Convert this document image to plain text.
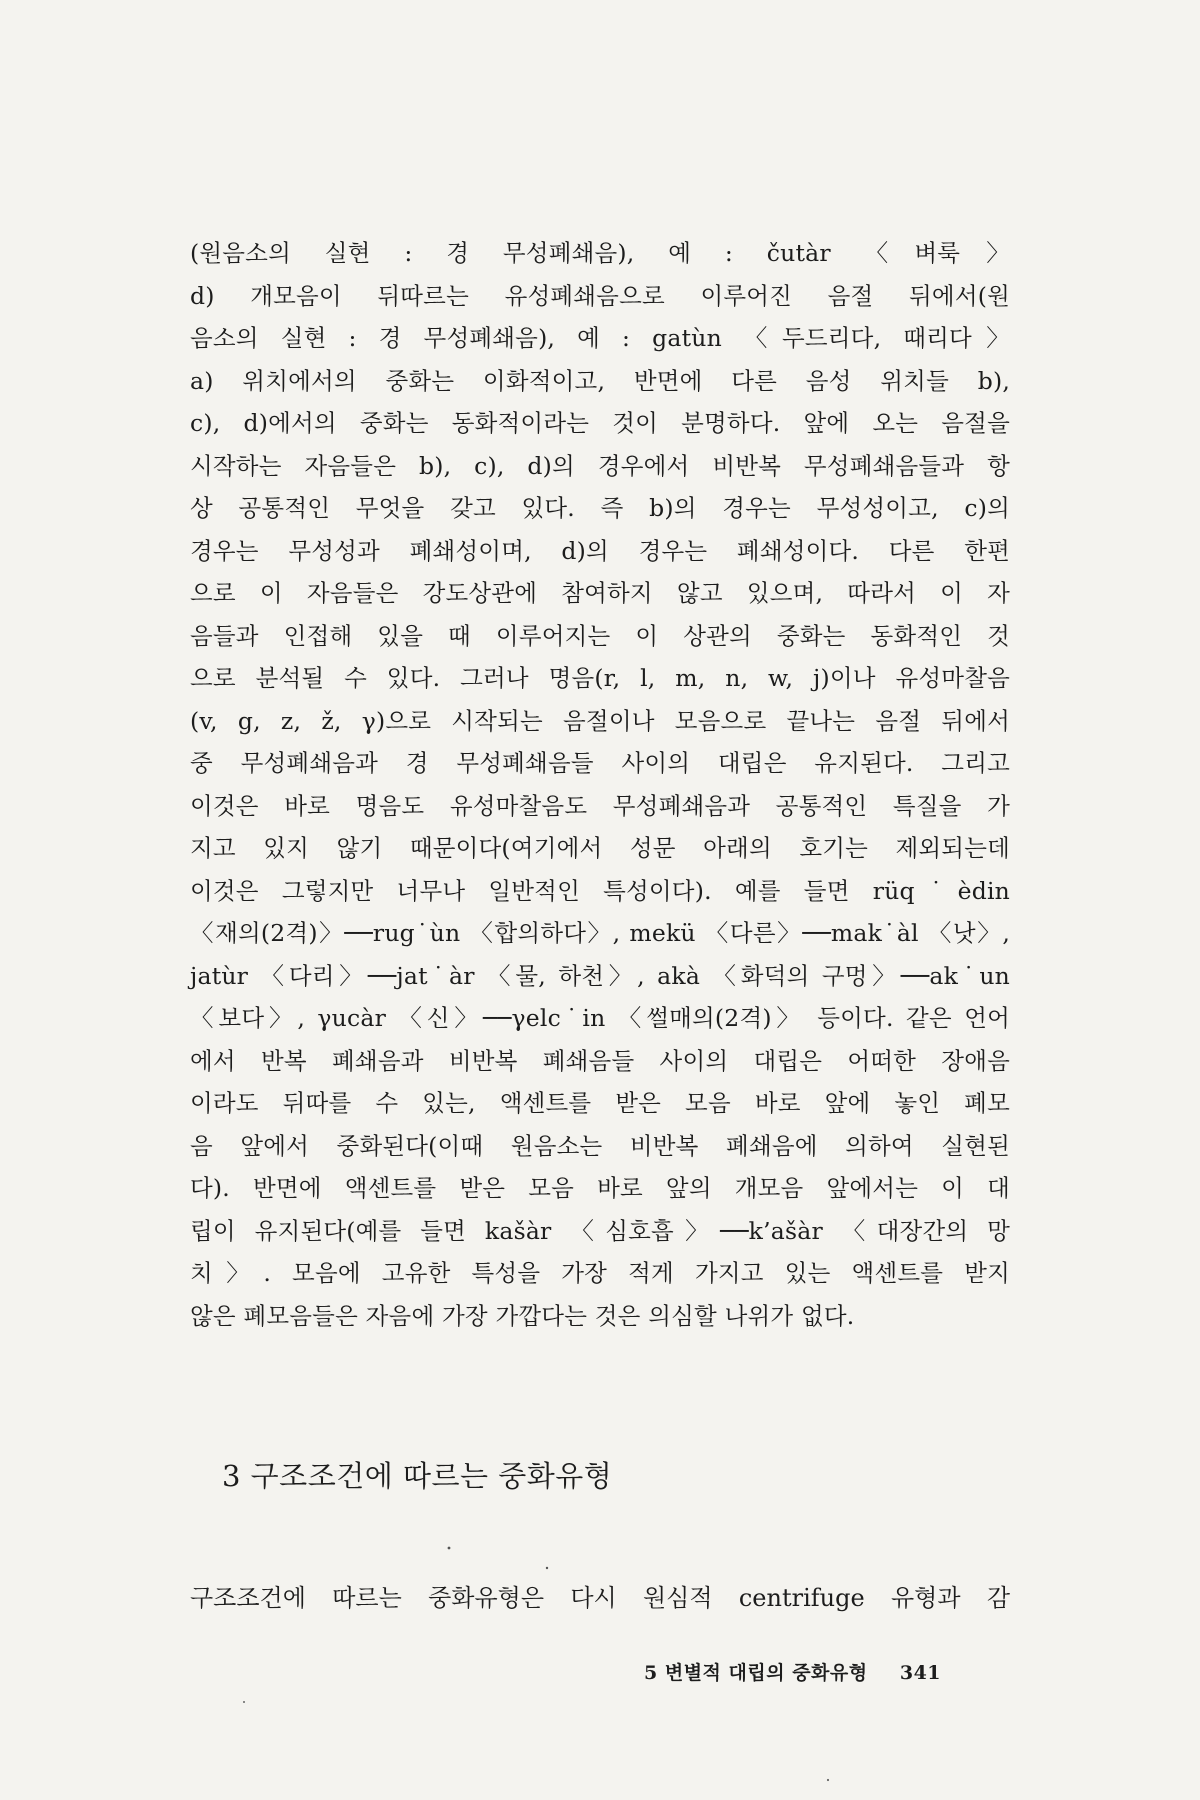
(원음소의 실현 : 경 무성폐쇄음), 예 : čutàr 〈벼룩〉
d) 개모음이 뒤따르는 유성폐쇄음으로 이루어진 음절 뒤에서(원
음소의 실현 : 경 무성폐쇄음), 예 : gatùn 〈두드리다, 때리다〉
a) 위치에서의 중화는 이화적이고, 반면에 다른 음성 위치들 b),
c), d)에서의 중화는 동화적이라는 것이 분명하다. 앞에 오는 음절을
시작하는 자음들은 b), c), d)의 경우에서 비반복 무성폐쇄음들과 항
상 공통적인 무엇을 갖고 있다. 즉 b)의 경우는 무성성이고, c)의
경우는 무성성과 폐쇄성이며, d)의 경우는 폐쇄성이다. 다른 한편
으로 이 자음들은 강도상관에 참여하지 않고 있으며, 따라서 이 자
음들과 인접해 있을 때 이루어지는 이 상관의 중화는 동화적인 것
으로 분석될 수 있다. 그러나 명음(r, l, m, n, w, j)이나 유성마찰음
(v, g, z, ž, γ)으로 시작되는 음절이나 모음으로 끝나는 음절 뒤에서
중 무성폐쇄음과 경 무성폐쇄음들 사이의 대립은 유지된다. 그리고
이것은 바로 명음도 유성마찰음도 무성폐쇄음과 공통적인 특질을 가
지고 있지 않기 때문이다(여기에서 성문 아래의 호기는 제외되는데
이것은 그렇지만 너무나 일반적인 특성이다). 예를 들면 rüq˙èdin
〈재의(2격)〉──rug˙ùn 〈합의하다〉, mekü 〈다른〉──mak˙àl 〈낫〉,
jatùr 〈다리〉──jat˙àr 〈물, 하천〉, akà 〈화덕의 구멍〉──ak˙un
〈보다〉, γucàr 〈신〉──γelc˙in 〈썰매의(2격)〉 등이다. 같은 언어
에서 반복 폐쇄음과 비반복 폐쇄음들 사이의 대립은 어떠한 장애음
이라도 뒤따를 수 있는, 액센트를 받은 모음 바로 앞에 놓인 폐모
음 앞에서 중화된다(이때 원음소는 비반복 폐쇄음에 의하여 실현된
다). 반면에 액센트를 받은 모음 바로 앞의 개모음 앞에서는 이 대
립이 유지된다(예를 들면 kašàr 〈심호흡〉──k’ašàr 〈대장간의 망
치〉. 모음에 고유한 특성을 가장 적게 가지고 있는 액센트를 받지
않은 폐모음들은 자음에 가장 가깝다는 것은 의심할 나위가 없다.
3 구조조건에 따르는 중화유형
구조조건에 따르는 중화유형은 다시 원심적 centrifuge 유형과 감
5 변별적 대립의 중화유형 341
